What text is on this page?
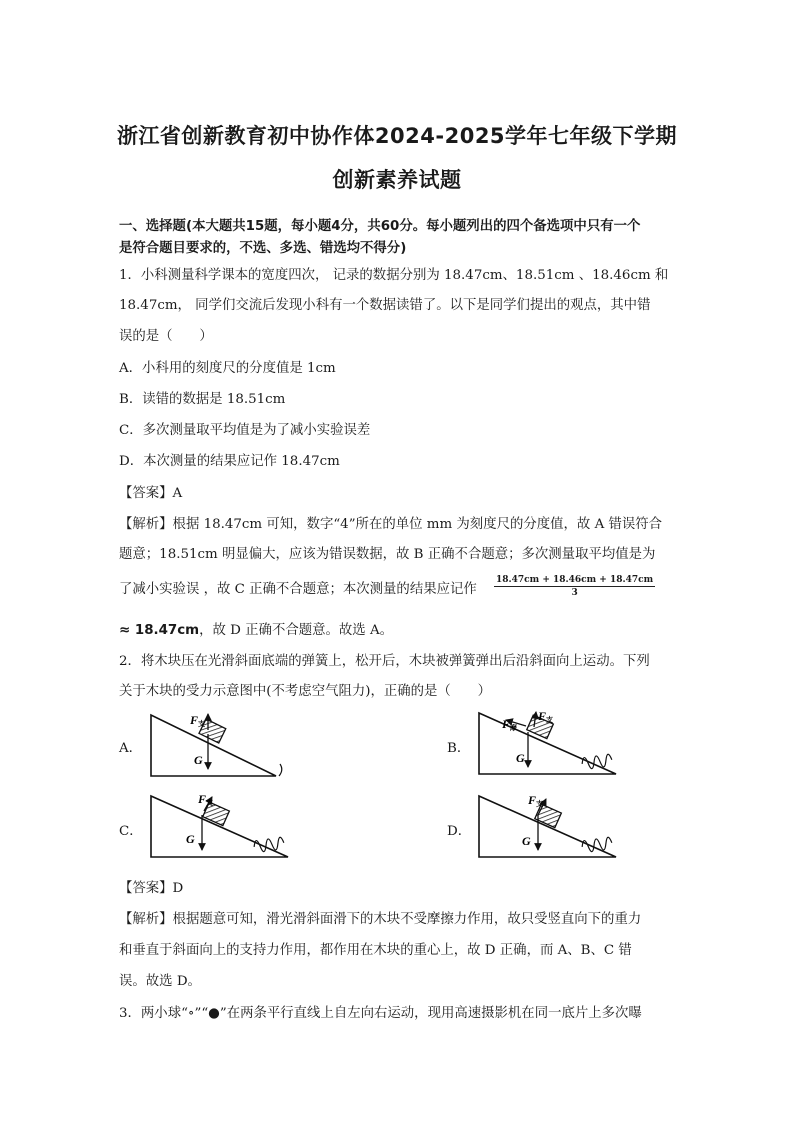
浙江省创新教育初中协作体2024-2025学年七年级下学期
创新素养试题
一、选择题(本大题共15题，每小题4分，共60分。每小题列出的四个备选项中只有一个
是符合题目要求的，不选、多选、错选均不得分)
1．小科测量科学课本的宽度四次， 记录的数据分别为 18.47cm、18.51cm 、18.46cm 和
18.47cm， 同学们交流后发现小科有一个数据读错了。以下是同学们提出的观点，其中错
误的是（　　）
A．小科用的刻度尺的分度值是 1cm
B．读错的数据是 18.51cm
C．多次测量取平均值是为了减小实验误差
D．本次测量的结果应记作 18.47cm
【答案】A
【解析】根据 18.47cm 可知，数字“4”所在的单位 mm 为刻度尺的分度值，故 A 错误符合
题意；18.51cm 明显偏大，应该为错误数据，故 B 正确不合题意；多次测量取平均值是为
了减小实验误 ，故 C 正确不合题意；本次测量的结果应记作	$\frac{18.47cm + 18.46cm + 18.47cm}{3}$
≈ 18.47cm，故 D 正确不合题意。故选 A。
2．将木块压在光滑斜面底端的弹簧上，松开后，木块被弹簧弹出后沿斜面向上运动。下列
关于木块的受力示意图中(不考虑空气阻力)，正确的是（　　）
A．	B．
C．	D．
F支
G
F摩
F支
G
F支
G
F支
G
【答案】D
【解析】根据题意可知，滑光滑斜面滑下的木块不受摩擦力作用，故只受竖直向下的重力
和垂直于斜面向上的支持力作用，都作用在木块的重心上，故 D 正确，而 A、B、C 错
误。故选 D。
3．两小球“∘”“●”在两条平行直线上自左向右运动，现用高速摄影机在同一底片上多次曝
